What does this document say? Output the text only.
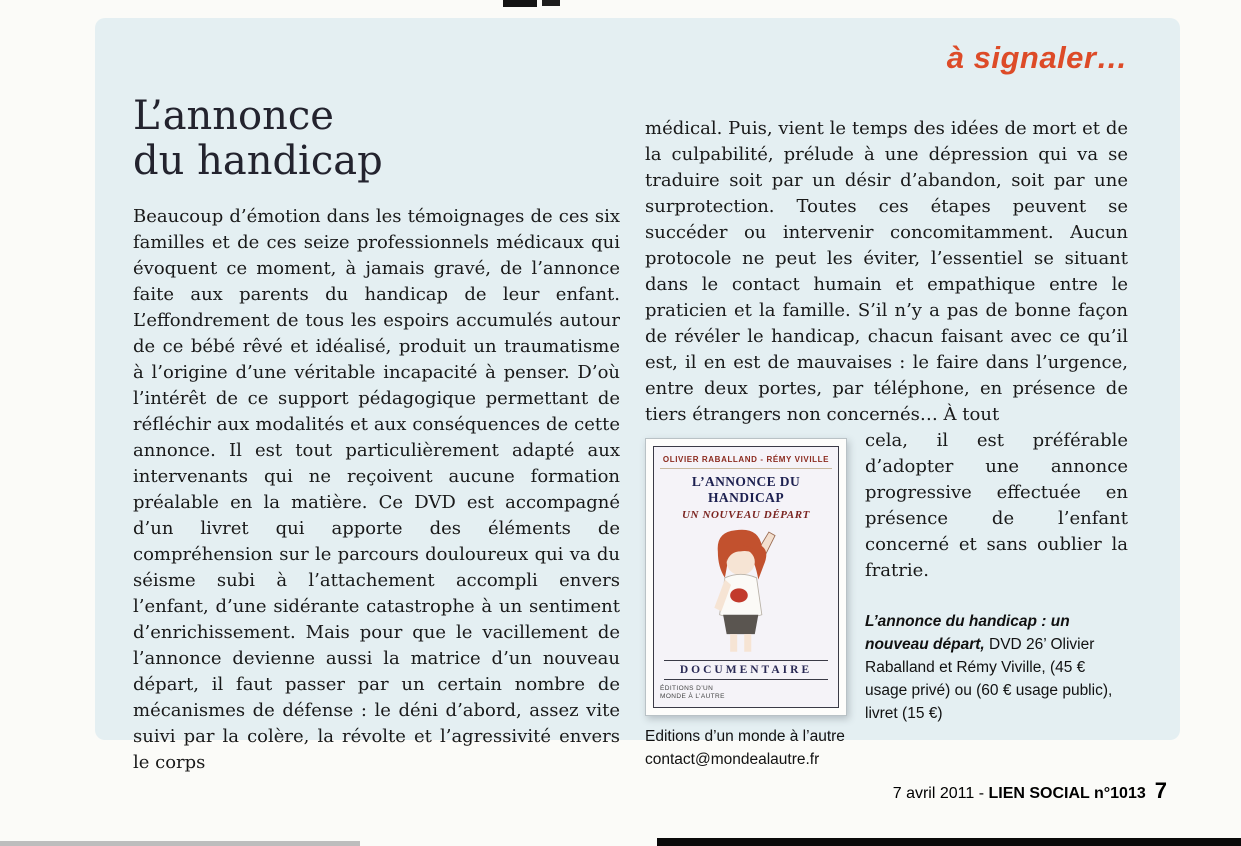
à signaler…
L’annonce
du handicap

Beaucoup d’émotion dans les témoignages de ces six familles et de ces seize professionnels médicaux qui évoquent ce moment, à jamais gravé, de l’annonce faite aux parents du handicap de leur enfant. L’effondrement de tous les espoirs accumulés autour de ce bébé rêvé et idéalisé, produit un traumatisme à l’origine d’une véritable incapacité à penser. D’où l’intérêt de ce support pédagogique permettant de réfléchir aux modalités et aux conséquences de cette annonce. Il est tout particulièrement adapté aux intervenants qui ne reçoivent aucune formation préalable en la matière. Ce DVD est accompagné d’un livret qui apporte des éléments de compréhension sur le parcours douloureux qui va du séisme subi à l’attachement accompli envers l’enfant, d’une sidérante catastrophe à un sentiment d’enrichissement. Mais pour que le vacillement de l’annonce devienne aussi la matrice d’un nouveau départ, il faut passer par un certain nombre de mécanismes de défense : le déni d’abord, assez vite suivi par la colère, la révolte et l’agressivité envers le corps

médical. Puis, vient le temps des idées de mort et de la culpabilité, prélude à une dépression qui va se traduire soit par un désir d’abandon, soit par une surprotection. Toutes ces étapes peuvent se succéder ou intervenir concomitamment. Aucun protocole ne peut les éviter, l’essentiel se situant dans le contact humain et empathique entre le praticien et la famille. S’il n’y a pas de bonne façon de révéler le handicap, chacun faisant avec ce qu’il est, il en est de mauvaises : le faire dans l’urgence, entre deux portes, par téléphone, en présence de tiers étrangers non concernés… À tout

OLIVIER RABALLAND - RÉMY VIVILLE
L’ANNONCE DU HANDICAP
UN NOUVEAU DÉPART
DOCUMENTAIRE
ÉDITIONS D’UN MONDE À L’AUTRE

cela, il est préférable d’adopter une annonce progressive effectuée en présence de l’enfant concerné et sans oublier la fratrie.

L’annonce du handicap : un nouveau départ, DVD 26’ Olivier Raballand et Rémy Viville, (45 € usage privé) ou (60 € usage public), livret (15 €)

Editions d’un monde à l’autre

contact@mondealautre.fr

7 avril 2011 - LIEN SOCIAL n°1013 7
